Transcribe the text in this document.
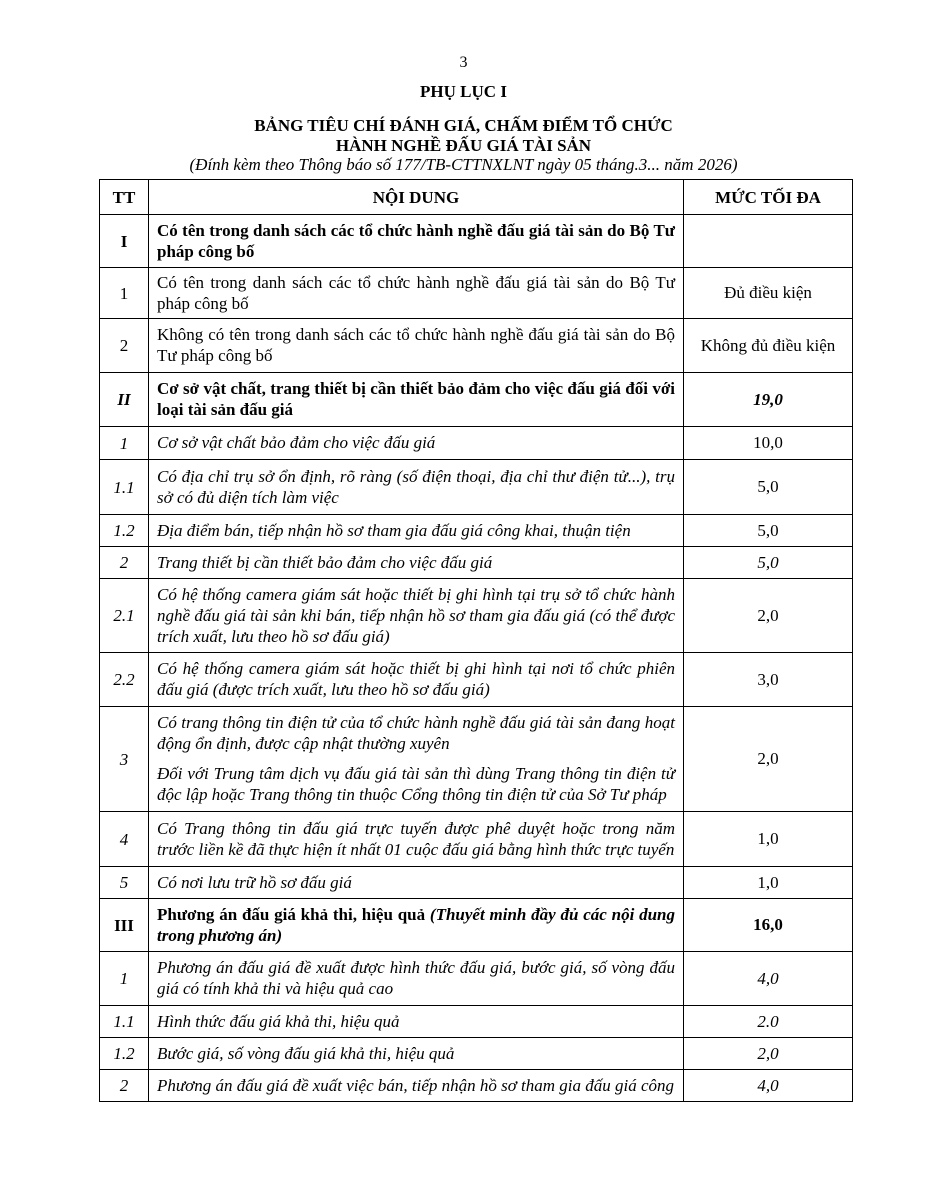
3
PHỤ LỤC I
BẢNG TIÊU CHÍ ĐÁNH GIÁ, CHẤM ĐIỂM TỔ CHỨC
HÀNH NGHỀ ĐẤU GIÁ TÀI SẢN
(Đính kèm theo Thông báo số 177/TB-CTTNXLNT ngày 05 tháng.3... năm 2026)
TT	NỘI DUNG	MỨC TỐI ĐA
I	Có tên trong danh sách các tổ chức hành nghề đấu giá tài sản do Bộ Tư pháp công bố	
1	Có tên trong danh sách các tổ chức hành nghề đấu giá tài sản do Bộ Tư pháp công bố	Đủ điều kiện
2	Không có tên trong danh sách các tổ chức hành nghề đấu giá tài sản do Bộ Tư pháp công bố	Không đủ điều kiện
II	Cơ sở vật chất, trang thiết bị cần thiết bảo đảm cho việc đấu giá đối với loại tài sản đấu giá	19,0
1	Cơ sở vật chất bảo đảm cho việc đấu giá	10,0
1.1	Có địa chỉ trụ sở ổn định, rõ ràng (số điện thoại, địa chỉ thư điện tử...), trụ sở có đủ diện tích làm việc	5,0
1.2	Địa điểm bán, tiếp nhận hồ sơ tham gia đấu giá công khai, thuận tiện	5,0
2	Trang thiết bị cần thiết bảo đảm cho việc đấu giá	5,0
2.1	Có hệ thống camera giám sát hoặc thiết bị ghi hình tại trụ sở tổ chức hành nghề đấu giá tài sản khi bán, tiếp nhận hồ sơ tham gia đấu giá (có thể được trích xuất, lưu theo hồ sơ đấu giá)	2,0
2.2	Có hệ thống camera giám sát hoặc thiết bị ghi hình tại nơi tổ chức phiên đấu giá (được trích xuất, lưu theo hồ sơ đấu giá)	3,0
3	Có trang thông tin điện tử của tổ chức hành nghề đấu giá tài sản đang hoạt động ổn định, được cập nhật thường xuyên
Đối với Trung tâm dịch vụ đấu giá tài sản thì dùng Trang thông tin điện tử độc lập hoặc Trang thông tin thuộc Cổng thông tin điện tử của Sở Tư pháp	2,0
4	Có Trang thông tin đấu giá trực tuyến được phê duyệt hoặc trong năm trước liền kề đã thực hiện ít nhất 01 cuộc đấu giá bằng hình thức trực tuyến	1,0
5	Có nơi lưu trữ hồ sơ đấu giá	1,0
III	Phương án đấu giá khả thi, hiệu quả (Thuyết minh đầy đủ các nội dung trong phương án)	16,0
1	Phương án đấu giá đề xuất được hình thức đấu giá, bước giá, số vòng đấu giá có tính khả thi và hiệu quả cao	4,0
1.1	Hình thức đấu giá khả thi, hiệu quả	2.0
1.2	Bước giá, số vòng đấu giá khả thi, hiệu quả	2,0
2	Phương án đấu giá đề xuất việc bán, tiếp nhận hồ sơ tham gia đấu giá công	4,0
